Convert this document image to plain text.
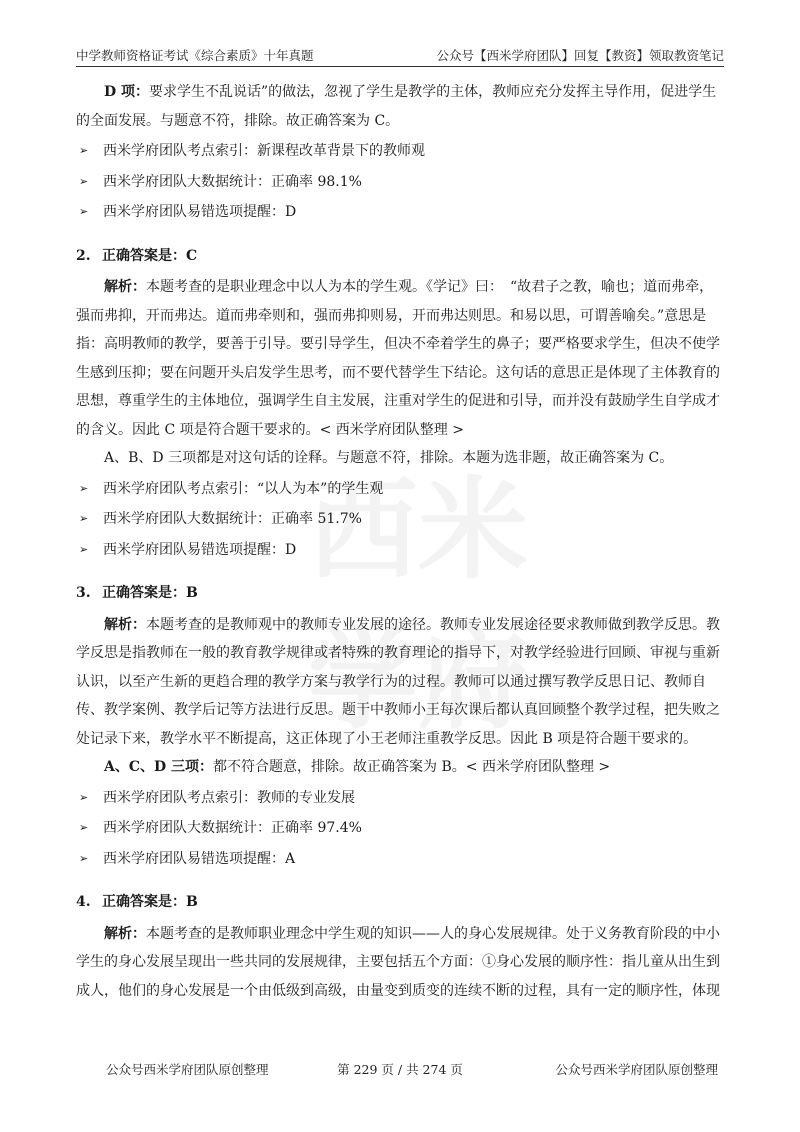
中学教师资格证考试《综合素质》十年真题	公众号【西米学府团队】回复【教资】领取教资笔记

D 项：要求学生不乱说话”的做法，忽视了学生是教学的主体，教师应充分发挥主导作用，促进学生的全面发展。与题意不符，排除。故正确答案为 C。

➢ 西米学府团队考点索引：新课程改革背景下的教师观
➢ 西米学府团队大数据统计：正确率 98.1%
➢ 西米学府团队易错选项提醒：D

2. 正确答案是：C

解析：本题考查的是职业理念中以人为本的学生观。《学记》曰：　“故君子之教，喻也；道而弗牵，强而弗抑，开而弗达。道而弗牵则和，强而弗抑则易，开而弗达则思。和易以思，可谓善喻矣。”意思是指：高明教师的教学，要善于引导。要引导学生，但决不牵着学生的鼻子；要严格要求学生，但决不使学生感到压抑；要在问题开头启发学生思考，而不要代替学生下结论。这句话的意思正是体现了主体教育的思想，尊重学生的主体地位，强调学生自主发展，注重对学生的促进和引导，而并没有鼓励学生自学成才的含义。因此 C 项是符合题干要求的。< 西米学府团队整理 >

A、B、D 三项都是对这句话的诠释。与题意不符，排除。本题为选非题，故正确答案为 C。

➢ 西米学府团队考点索引：“以人为本”的学生观
➢ 西米学府团队大数据统计：正确率 51.7%
➢ 西米学府团队易错选项提醒：D

3. 正确答案是：B

解析：本题考查的是教师观中的教师专业发展的途径。教师专业发展途径要求教师做到教学反思。教学反思是指教师在一般的教育教学规律或者特殊的教育理论的指导下，对教学经验进行回顾、审视与重新认识，以至产生新的更趋合理的教学方案与教学行为的过程。教师可以通过撰写教学反思日记、教师自传、教学案例、教学后记等方法进行反思。题干中教师小王每次课后都认真回顾整个教学过程，把失败之处记录下来，教学水平不断提高，这正体现了小王老师注重教学反思。因此 B 项是符合题干要求的。

A、C、D 三项：都不符合题意，排除。故正确答案为 B。< 西米学府团队整理 >

➢ 西米学府团队考点索引：教师的专业发展
➢ 西米学府团队大数据统计：正确率 97.4%
➢ 西米学府团队易错选项提醒：A

4. 正确答案是：B

解析：本题考查的是教师职业理念中学生观的知识——人的身心发展规律。处于义务教育阶段的中小学生的身心发展呈现出一些共同的发展规律，主要包括五个方面：①身心发展的顺序性：指儿童从出生到成人，他们的身心发展是一个由低级到高级，由量变到质变的连续不断的过程，具有一定的顺序性，体现

公众号西米学府团队原创整理	第 229 页 / 共 274 页	公众号西米学府团队原创整理
